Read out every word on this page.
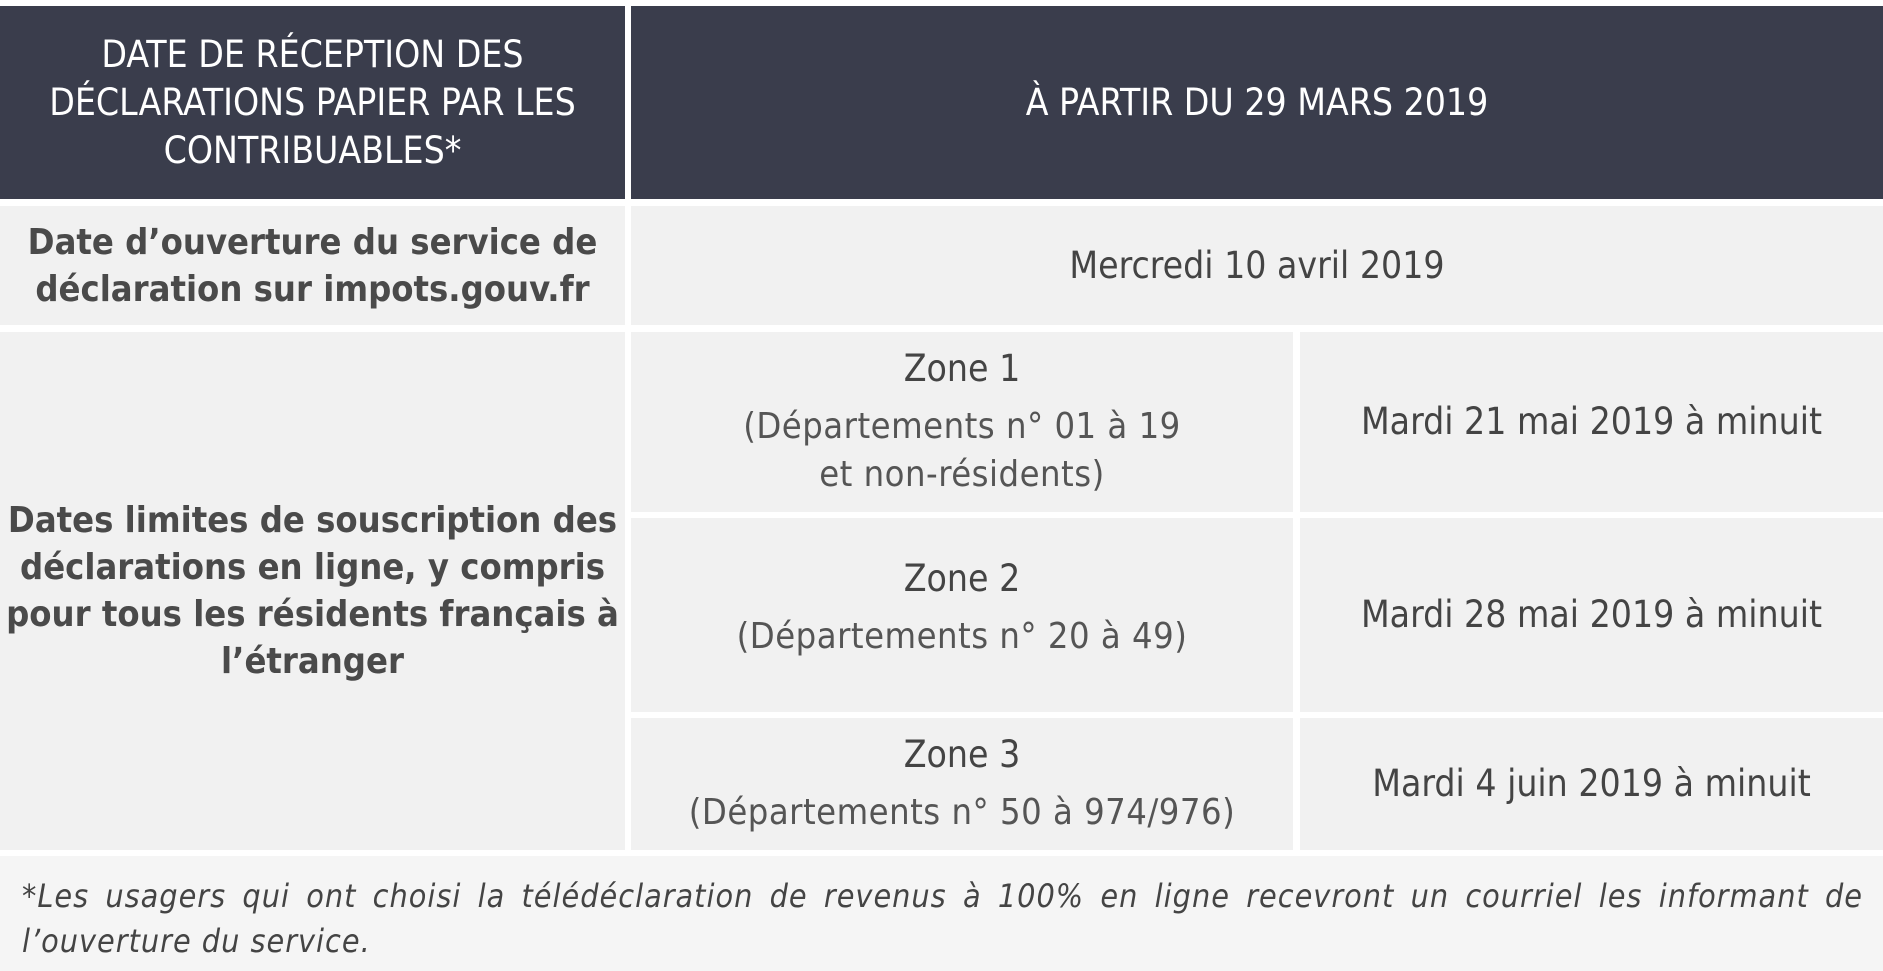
DATE DE RÉCEPTION DES
DÉCLARATIONS PAPIER PAR LES
CONTRIBUABLES*
À PARTIR DU 29 MARS 2019
Date d’ouverture du service de
déclaration sur impots.gouv.fr
Mercredi 10 avril 2019
Dates limites de souscription des
déclarations en ligne, y compris
pour tous les résidents français à
l’étranger
Zone 1
(Départements n° 01 à 19
et non-résidents)
Mardi 21 mai 2019 à minuit
Zone 2
(Départements n° 20 à 49)
Mardi 28 mai 2019 à minuit
Zone 3
(Départements n° 50 à 974/976)
Mardi 4 juin 2019 à minuit
*Les usagers qui ont choisi la télédéclaration de revenus à 100% en ligne recevront un courriel les informant de l’ouverture du service.
